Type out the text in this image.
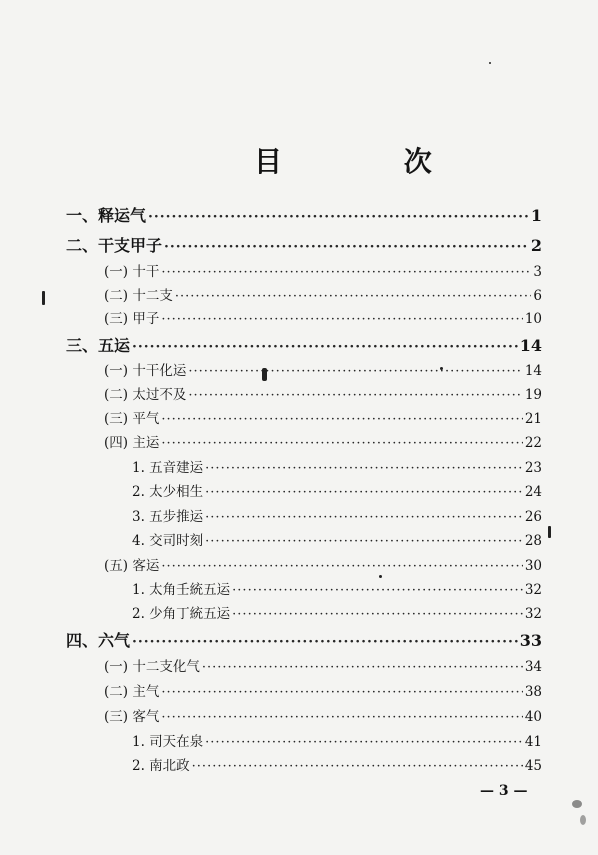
目 次
一、释运气 ·····	1
二、干支甲子 ·····	2
(一) 十干 ·····	3
(二) 十二支 ·····	6
(三) 甲子 ·····	10
三、五运 ·····	14
(一) 十干化运 ·····	14
(二) 太过不及 ·····	19
(三) 平气 ·····	21
(四) 主运 ·····	22
1. 五音建运 ·····	23
2. 太少相生 ·····	24
3. 五步推运 ·····	26
4. 交司时刻 ·····	28
(五) 客运 ·····	30
1. 太角壬統五运 ·····	32
2. 少角丁統五运 ·····	32
四、六气 ·····	33
(一) 十二支化气 ·····	34
(二) 主气 ·····	38
(三) 客气 ·····	40
1. 司天在泉 ·····	41
2. 南北政 ·····	45
— 3 —
